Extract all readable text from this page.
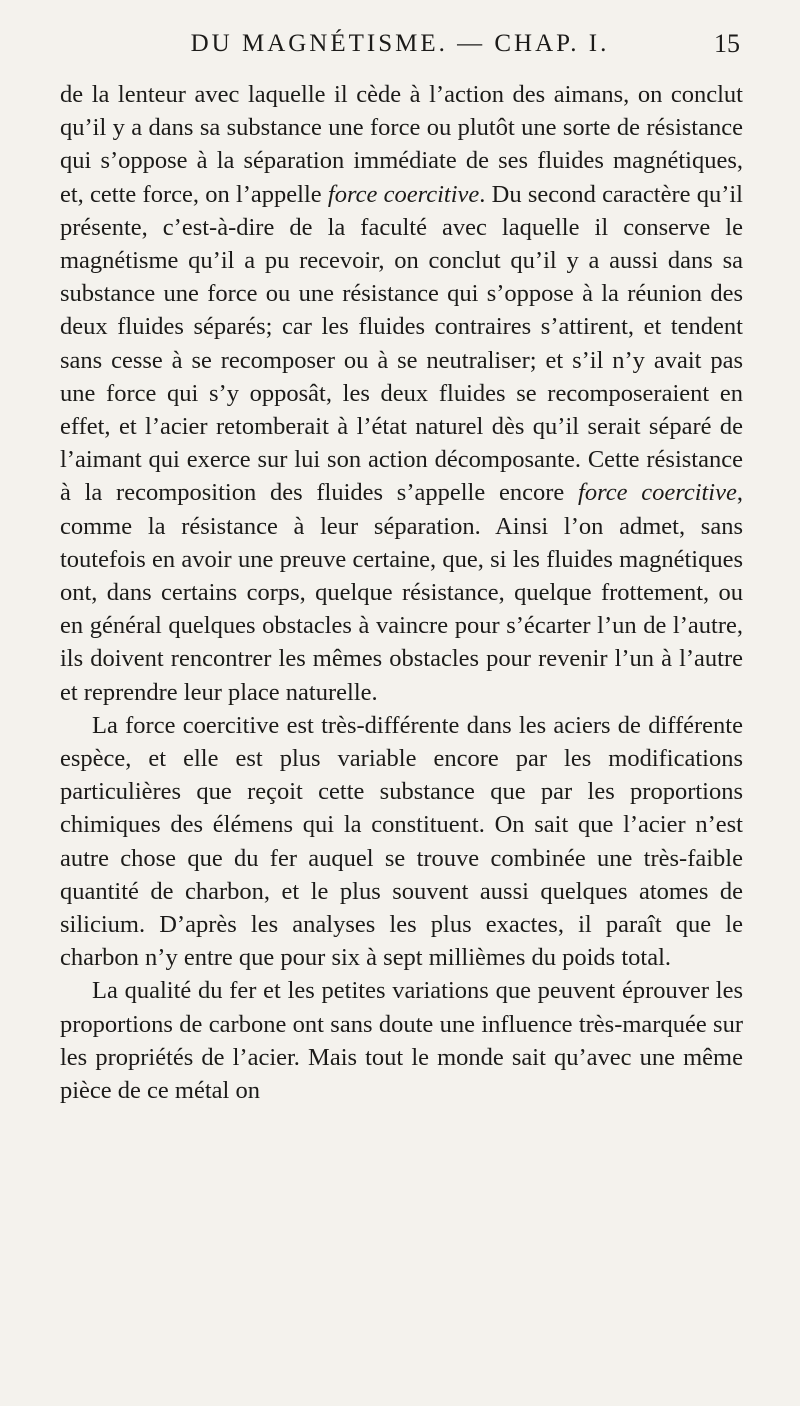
DU MAGNÉTISME. — CHAP. I.	15

de la lenteur avec laquelle il cède à l’action des aimans, on conclut qu’il y a dans sa substance une force ou plutôt une sorte de résistance qui s’oppose à la séparation immédiate de ses fluides magnétiques, et, cette force, on l’appelle force coercitive. Du second caractère qu’il présente, c’est-à-dire de la faculté avec laquelle il conserve le magnétisme qu’il a pu recevoir, on conclut qu’il y a aussi dans sa substance une force ou une résistance qui s’oppose à la réunion des deux fluides séparés; car les fluides contraires s’attirent, et tendent sans cesse à se recomposer ou à se neutraliser; et s’il n’y avait pas une force qui s’y opposât, les deux fluides se recomposeraient en effet, et l’acier retomberait à l’état naturel dès qu’il serait séparé de l’aimant qui exerce sur lui son action décomposante. Cette résistance à la recomposition des fluides s’appelle encore force coercitive, comme la résistance à leur séparation. Ainsi l’on admet, sans toutefois en avoir une preuve certaine, que, si les fluides magnétiques ont, dans certains corps, quelque résistance, quelque frottement, ou en général quelques obstacles à vaincre pour s’écarter l’un de l’autre, ils doivent rencontrer les mêmes obstacles pour revenir l’un à l’autre et reprendre leur place naturelle.

La force coercitive est très-différente dans les aciers de différente espèce, et elle est plus variable encore par les modifications particulières que reçoit cette substance que par les proportions chimiques des élémens qui la constituent. On sait que l’acier n’est autre chose que du fer auquel se trouve combinée une très-faible quantité de charbon, et le plus souvent aussi quelques atomes de silicium. D’après les analyses les plus exactes, il paraît que le charbon n’y entre que pour six à sept millièmes du poids total.

La qualité du fer et les petites variations que peuvent éprouver les proportions de carbone ont sans doute une influence très-marquée sur les propriétés de l’acier. Mais tout le monde sait qu’avec une même pièce de ce métal on
